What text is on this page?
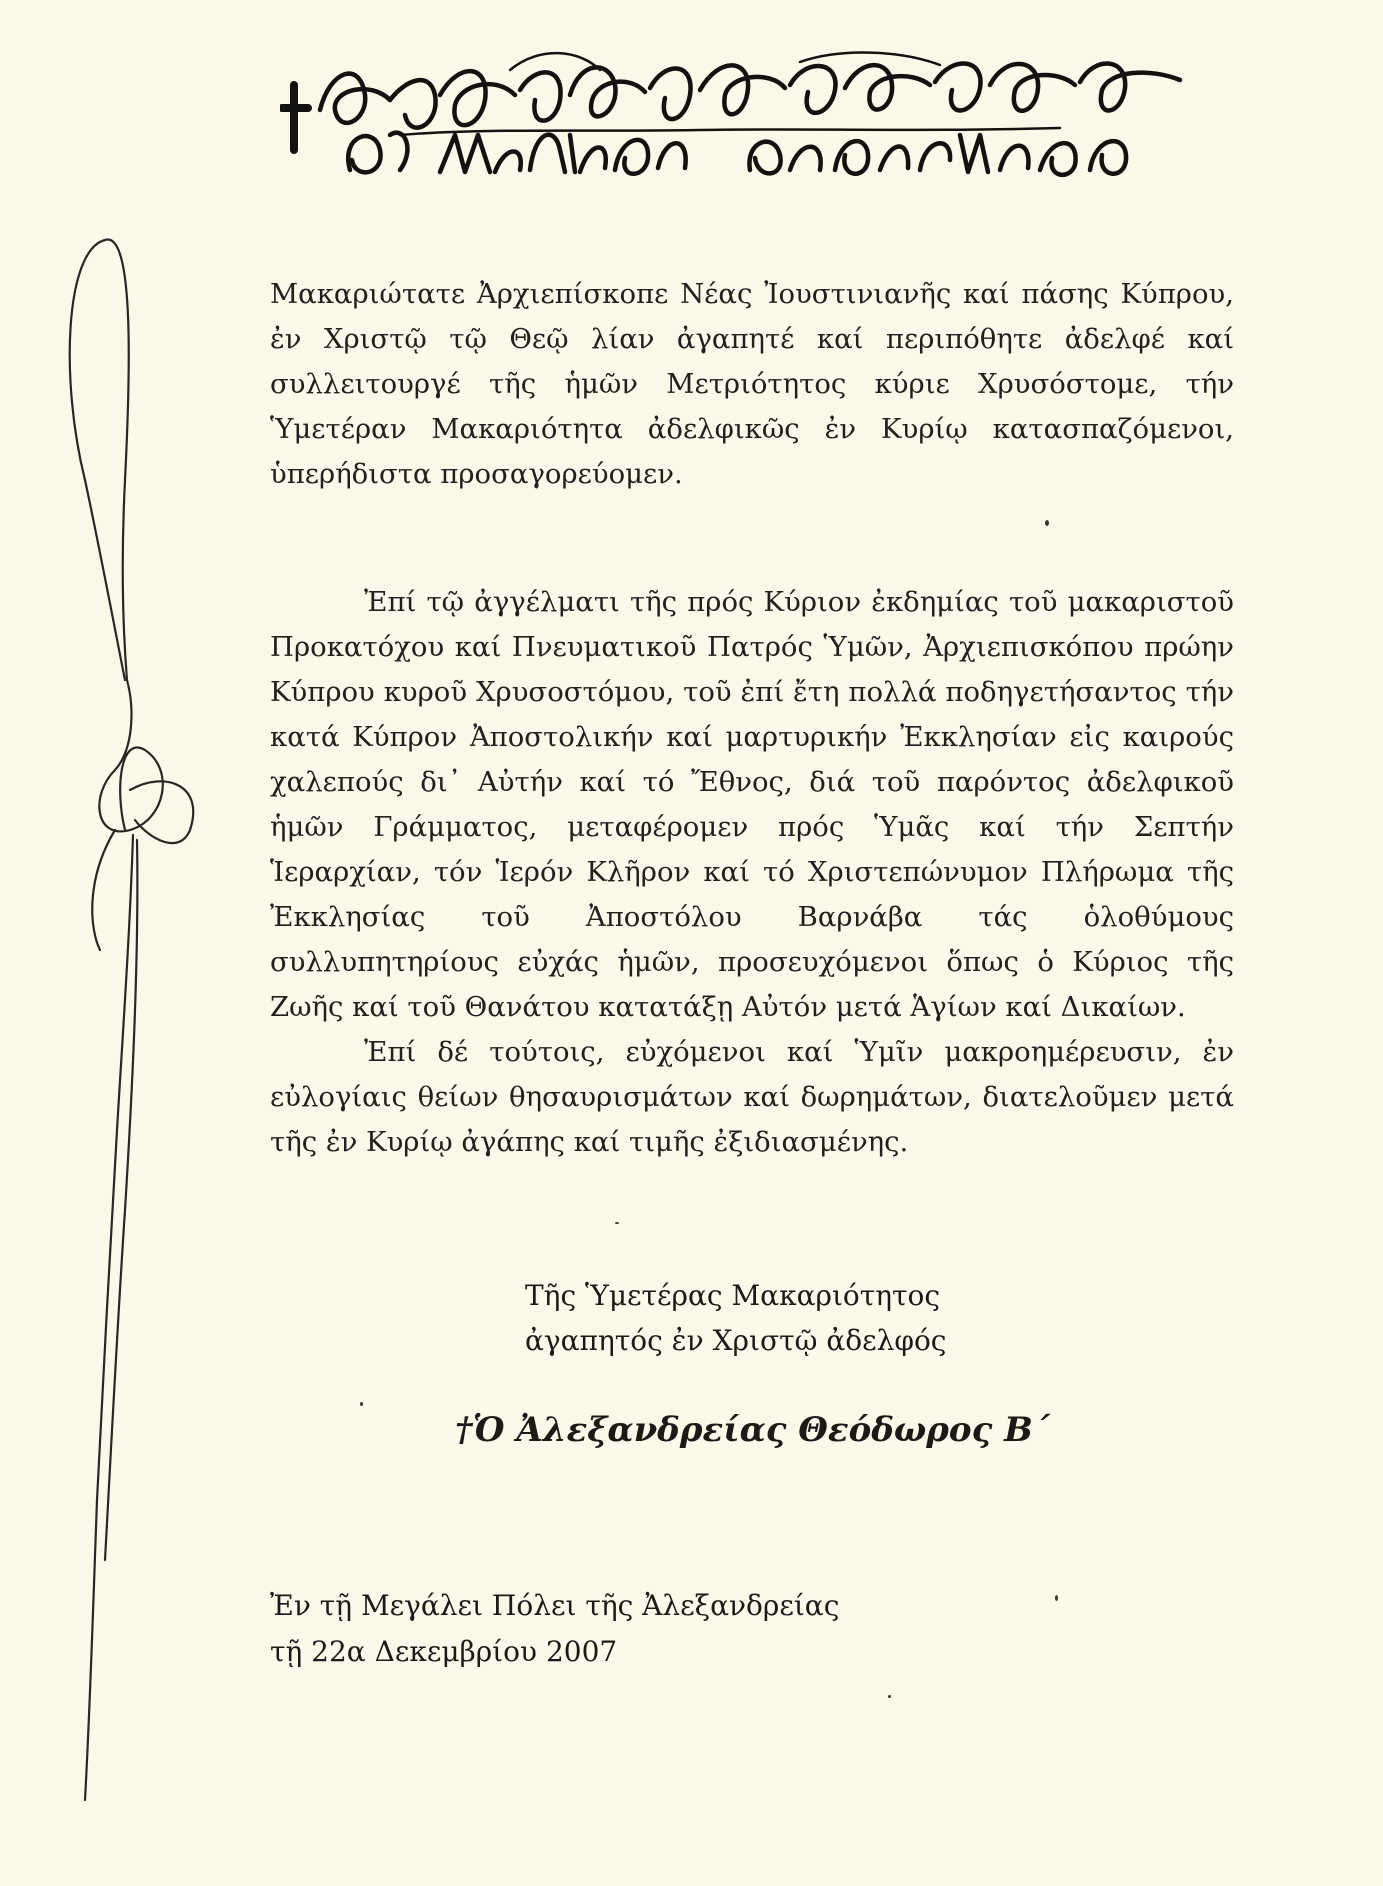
Μακαριώτατε Ἀρχιεπίσκοπε Νέας Ἰουστινιανῆς καί πάσης Κύπρου, ἐν Χριστῷ τῷ Θεῷ λίαν ἀγαπητέ καί περιπόθητε ἀδελφέ καί συλλειτουργέ τῆς ἡμῶν Μετριότητος κύριε Χρυσόστομε, τήν Ὑμετέραν Μακαριότητα ἀδελφικῶς ἐν Κυρίῳ κατασπαζόμενοι, ὑπερήδιστα προσαγορεύομεν.

Ἐπί τῷ ἀγγέλματι τῆς πρός Κύριον ἐκδημίας τοῦ μακαριστοῦ Προκατόχου καί Πνευματικοῦ Πατρός Ὑμῶν, Ἀρχιεπισκόπου πρώην Κύπρου κυροῦ Χρυσοστόμου, τοῦ ἐπί ἔτη πολλά ποδηγετήσαντος τήν κατά Κύπρον Ἀποστολικήν καί μαρτυρικήν Ἐκκλησίαν εἰς καιρούς χαλεπούς δι᾽ Αὐτήν καί τό Ἔθνος, διά τοῦ παρόντος ἀδελφικοῦ ἡμῶν Γράμματος, μεταφέρομεν πρός Ὑμᾶς καί τήν Σεπτήν Ἱεραρχίαν, τόν Ἱερόν Κλῆρον καί τό Χριστεπώνυμον Πλήρωμα τῆς Ἐκκλησίας τοῦ Ἀποστόλου Βαρνάβα τάς ὁλοθύμους συλλυπητηρίους εὐχάς ἡμῶν, προσευχόμενοι ὅπως ὁ Κύριος τῆς Ζωῆς καί τοῦ Θανάτου κατατάξῃ Αὐτόν μετά Ἁγίων καί Δικαίων.

Ἐπί δέ τούτοις, εὐχόμενοι καί Ὑμῖν μακροημέρευσιν, ἐν εὐλογίαις θείων θησαυρισμάτων καί δωρημάτων, διατελοῦμεν μετά τῆς ἐν Κυρίῳ ἀγάπης καί τιμῆς ἐξιδιασμένης.

Τῆς Ὑμετέρας Μακαριότητος
ἀγαπητός ἐν Χριστῷ ἀδελφός
†Ὁ Ἀλεξανδρείας Θεόδωρος Β΄
Ἐν τῇ Μεγάλει Πόλει τῆς Ἀλεξανδρείας
τῇ 22α Δεκεμβρίου 2007
